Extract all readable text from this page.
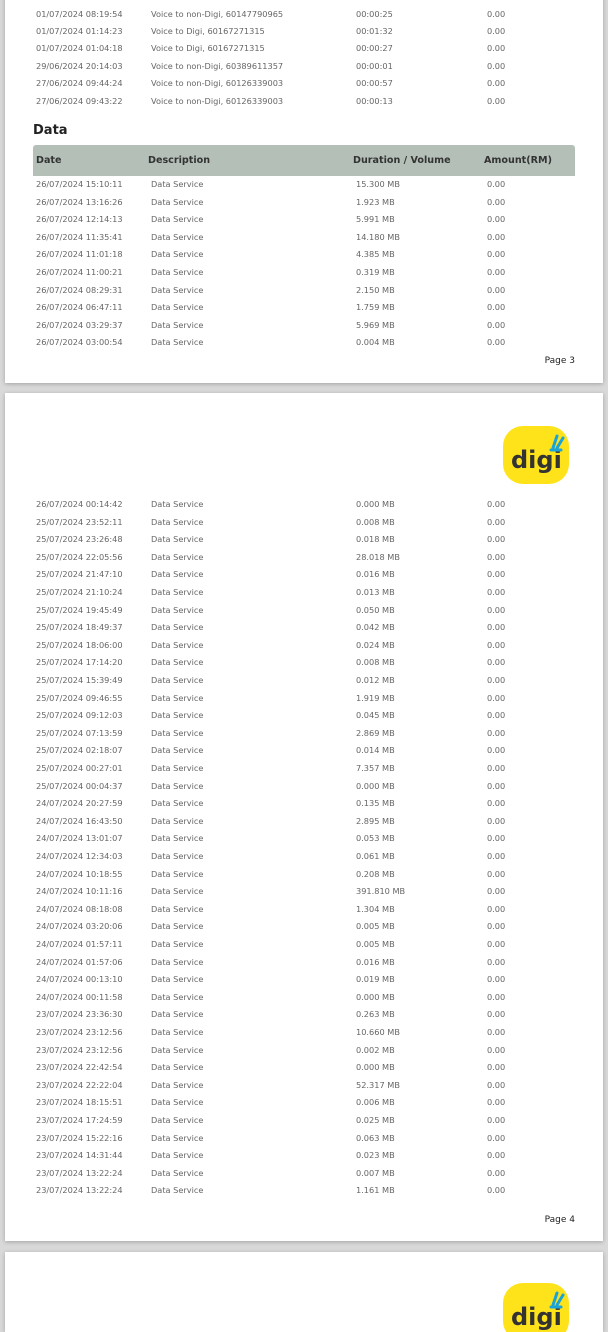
01/07/2024 08:19:54	Voice to non-Digi, 60147790965	00:00:25	0.00
01/07/2024 01:14:23	Voice to Digi, 60167271315	00:01:32	0.00
01/07/2024 01:04:18	Voice to Digi, 60167271315	00:00:27	0.00
29/06/2024 20:14:03	Voice to non-Digi, 60389611357	00:00:01	0.00
27/06/2024 09:44:24	Voice to non-Digi, 60126339003	00:00:57	0.00
27/06/2024 09:43:22	Voice to non-Digi, 60126339003	00:00:13	0.00
Data
Date	Description	Duration / Volume	Amount(RM)
26/07/2024 15:10:11	Data Service	15.300 MB	0.00
26/07/2024 13:16:26	Data Service	1.923 MB	0.00
26/07/2024 12:14:13	Data Service	5.991 MB	0.00
26/07/2024 11:35:41	Data Service	14.180 MB	0.00
26/07/2024 11:01:18	Data Service	4.385 MB	0.00
26/07/2024 11:00:21	Data Service	0.319 MB	0.00
26/07/2024 08:29:31	Data Service	2.150 MB	0.00
26/07/2024 06:47:11	Data Service	1.759 MB	0.00
26/07/2024 03:29:37	Data Service	5.969 MB	0.00
26/07/2024 03:00:54	Data Service	0.004 MB	0.00
Page 3
digi
26/07/2024 00:14:42	Data Service	0.000 MB	0.00
25/07/2024 23:52:11	Data Service	0.008 MB	0.00
25/07/2024 23:26:48	Data Service	0.018 MB	0.00
25/07/2024 22:05:56	Data Service	28.018 MB	0.00
25/07/2024 21:47:10	Data Service	0.016 MB	0.00
25/07/2024 21:10:24	Data Service	0.013 MB	0.00
25/07/2024 19:45:49	Data Service	0.050 MB	0.00
25/07/2024 18:49:37	Data Service	0.042 MB	0.00
25/07/2024 18:06:00	Data Service	0.024 MB	0.00
25/07/2024 17:14:20	Data Service	0.008 MB	0.00
25/07/2024 15:39:49	Data Service	0.012 MB	0.00
25/07/2024 09:46:55	Data Service	1.919 MB	0.00
25/07/2024 09:12:03	Data Service	0.045 MB	0.00
25/07/2024 07:13:59	Data Service	2.869 MB	0.00
25/07/2024 02:18:07	Data Service	0.014 MB	0.00
25/07/2024 00:27:01	Data Service	7.357 MB	0.00
25/07/2024 00:04:37	Data Service	0.000 MB	0.00
24/07/2024 20:27:59	Data Service	0.135 MB	0.00
24/07/2024 16:43:50	Data Service	2.895 MB	0.00
24/07/2024 13:01:07	Data Service	0.053 MB	0.00
24/07/2024 12:34:03	Data Service	0.061 MB	0.00
24/07/2024 10:18:55	Data Service	0.208 MB	0.00
24/07/2024 10:11:16	Data Service	391.810 MB	0.00
24/07/2024 08:18:08	Data Service	1.304 MB	0.00
24/07/2024 03:20:06	Data Service	0.005 MB	0.00
24/07/2024 01:57:11	Data Service	0.005 MB	0.00
24/07/2024 01:57:06	Data Service	0.016 MB	0.00
24/07/2024 00:13:10	Data Service	0.019 MB	0.00
24/07/2024 00:11:58	Data Service	0.000 MB	0.00
23/07/2024 23:36:30	Data Service	0.263 MB	0.00
23/07/2024 23:12:56	Data Service	10.660 MB	0.00
23/07/2024 23:12:56	Data Service	0.002 MB	0.00
23/07/2024 22:42:54	Data Service	0.000 MB	0.00
23/07/2024 22:22:04	Data Service	52.317 MB	0.00
23/07/2024 18:15:51	Data Service	0.006 MB	0.00
23/07/2024 17:24:59	Data Service	0.025 MB	0.00
23/07/2024 15:22:16	Data Service	0.063 MB	0.00
23/07/2024 14:31:44	Data Service	0.023 MB	0.00
23/07/2024 13:22:24	Data Service	0.007 MB	0.00
23/07/2024 13:22:24	Data Service	1.161 MB	0.00
Page 4
digi
